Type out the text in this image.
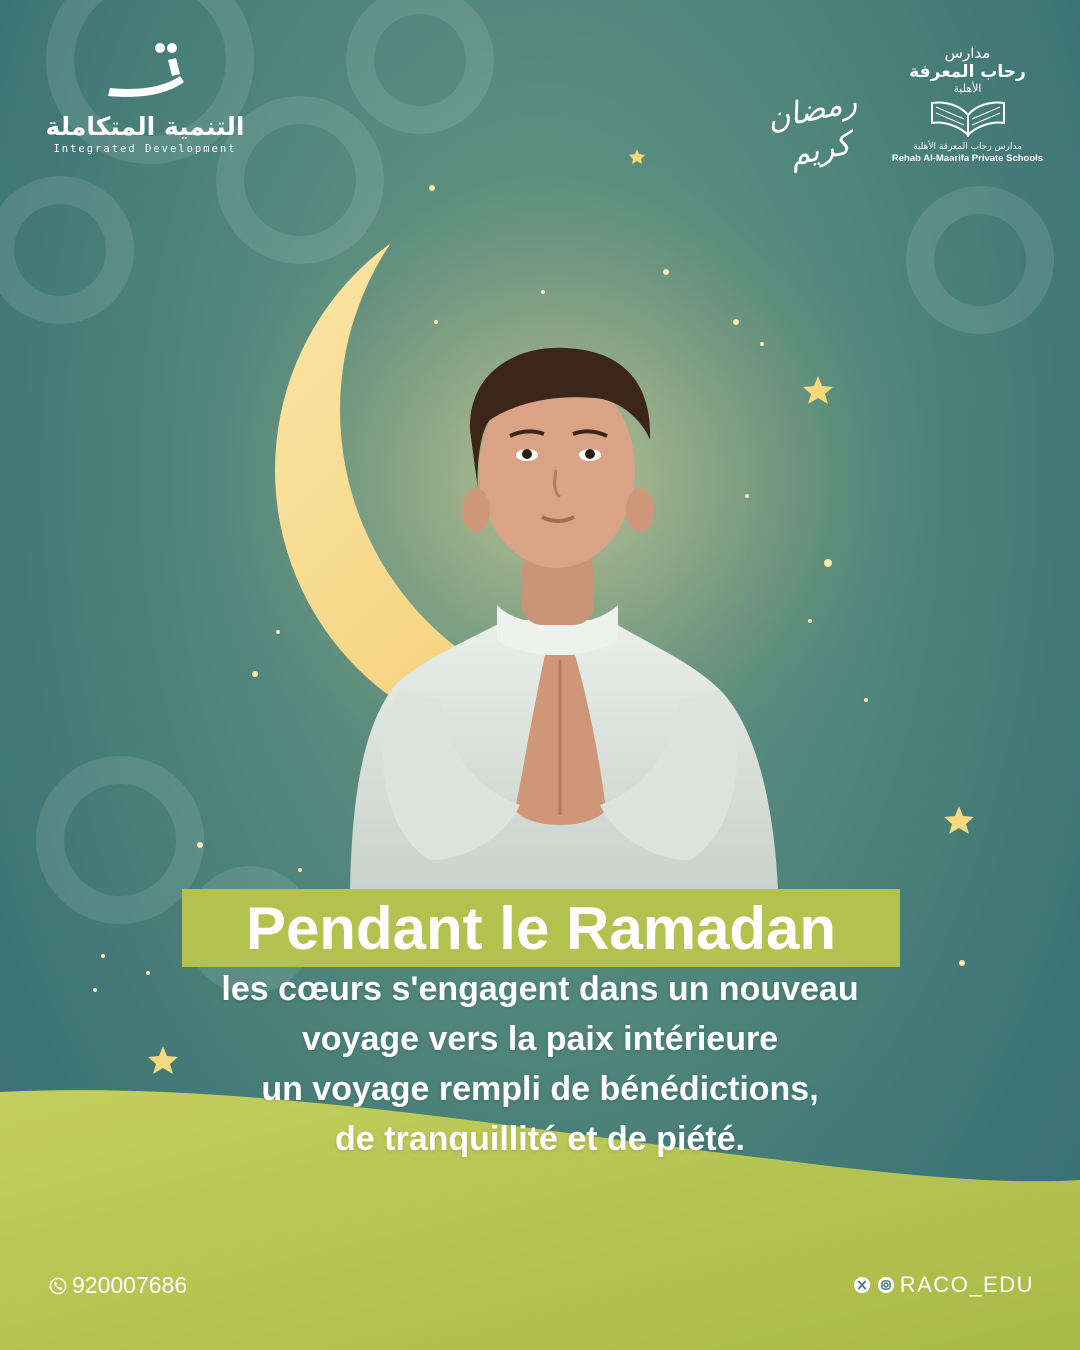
التنمية المتكاملة
Integrated Development
رمضان كريم
مدارس
رحاب المعرفة
الأهلية
مدارس رحاب المعرفة الأهلية
Rehab Al-Maarifa Private Schools
Pendant le Ramadan
les cœurs s'engagent dans un nouveau
voyage vers la paix intérieure
un voyage rempli de bénédictions,
de tranquillité et de piété.
920007686	RACO_EDU
